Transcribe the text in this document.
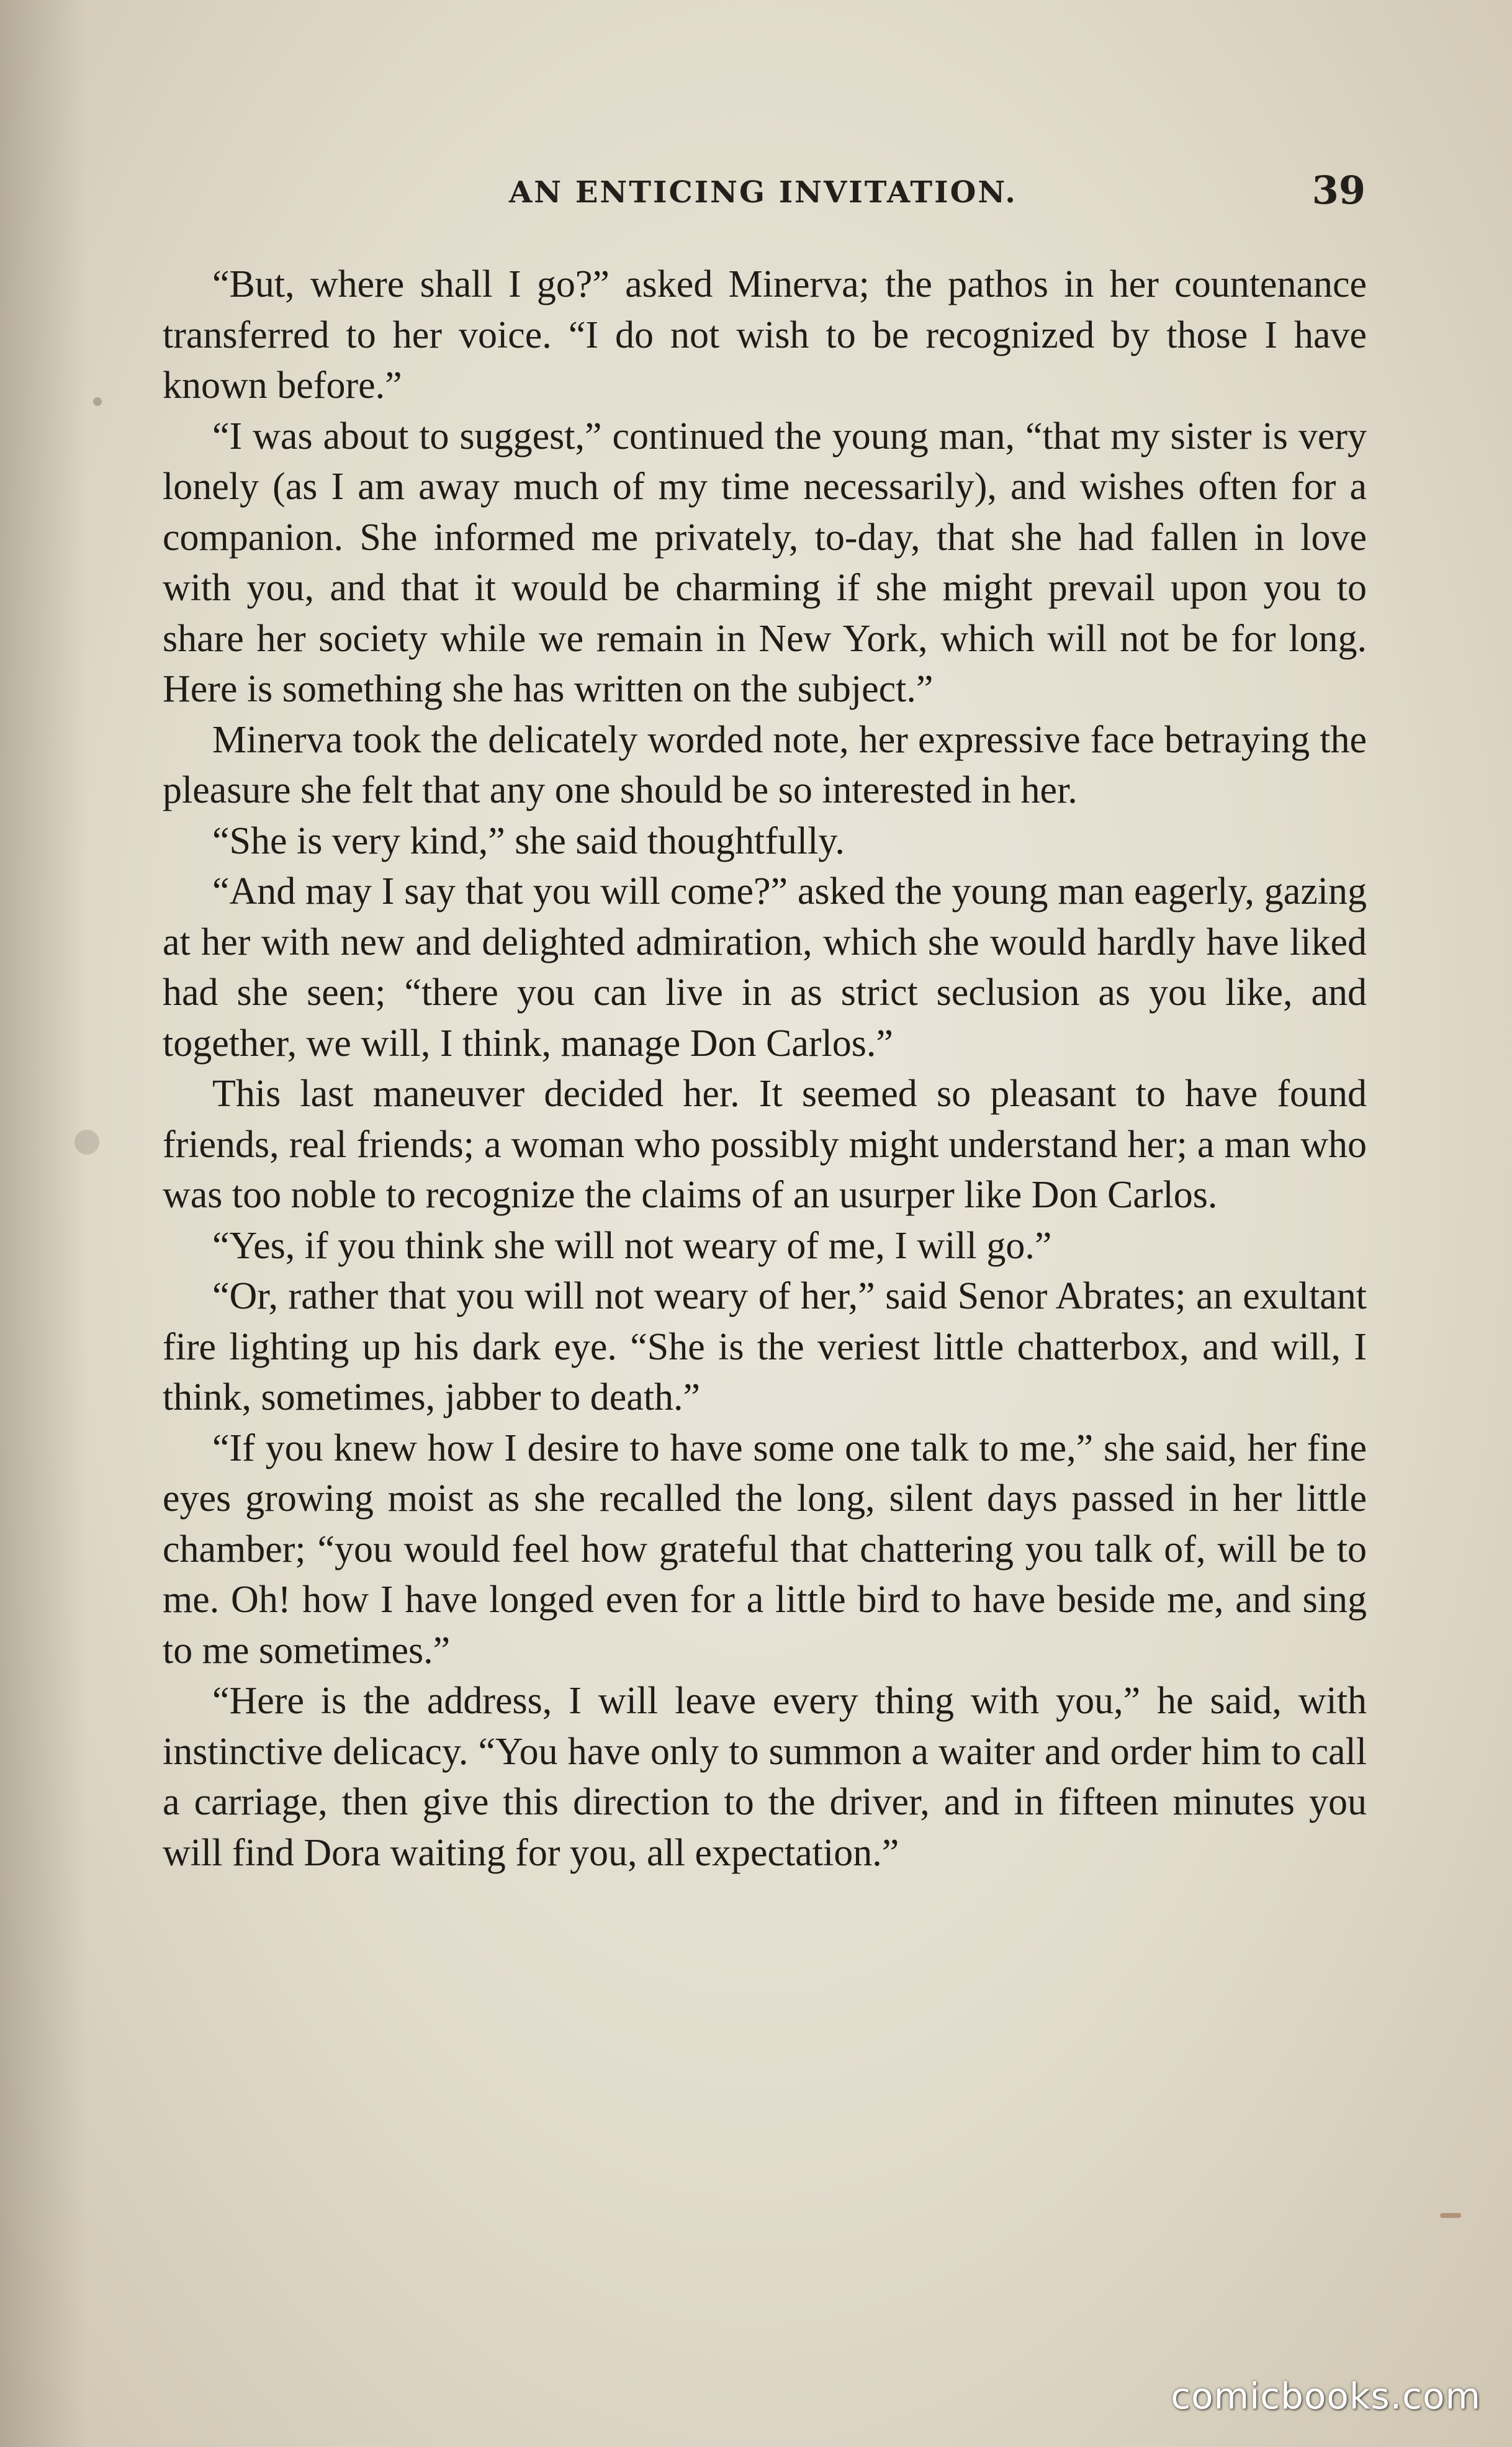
AN ENTICING INVITATION.	39

“But, where shall I go?” asked Minerva; the pathos in her countenance transferred to her voice. “I do not wish to be recognized by those I have known before.”

“I was about to suggest,” continued the young man, “that my sister is very lonely (as I am away much of my time necessarily), and wishes often for a companion. She informed me privately, to-day, that she had fallen in love with you, and that it would be charming if she might prevail upon you to share her society while we remain in New York, which will not be for long. Here is something she has written on the subject.”

Minerva took the delicately worded note, her expressive face betraying the pleasure she felt that any one should be so interested in her.

“She is very kind,” she said thoughtfully.

“And may I say that you will come?” asked the young man eagerly, gazing at her with new and delighted admiration, which she would hardly have liked had she seen; “there you can live in as strict seclusion as you like, and together, we will, I think, manage Don Carlos.”

This last maneuver decided her. It seemed so pleasant to have found friends, real friends; a woman who possibly might understand her; a man who was too noble to recognize the claims of an usurper like Don Carlos.

“Yes, if you think she will not weary of me, I will go.”

“Or, rather that you will not weary of her,” said Senor Abrates; an exultant fire lighting up his dark eye. “She is the veriest little chatterbox, and will, I think, sometimes, jabber to death.”

“If you knew how I desire to have some one talk to me,” she said, her fine eyes growing moist as she recalled the long, silent days passed in her little chamber; “you would feel how grateful that chattering you talk of, will be to me. Oh! how I have longed even for a little bird to have beside me, and sing to me sometimes.”

“Here is the address, I will leave every thing with you,” he said, with instinctive delicacy. “You have only to summon a waiter and order him to call a carriage, then give this direction to the driver, and in fifteen minutes you will find Dora waiting for you, all expectation.”

comicbooks.com
